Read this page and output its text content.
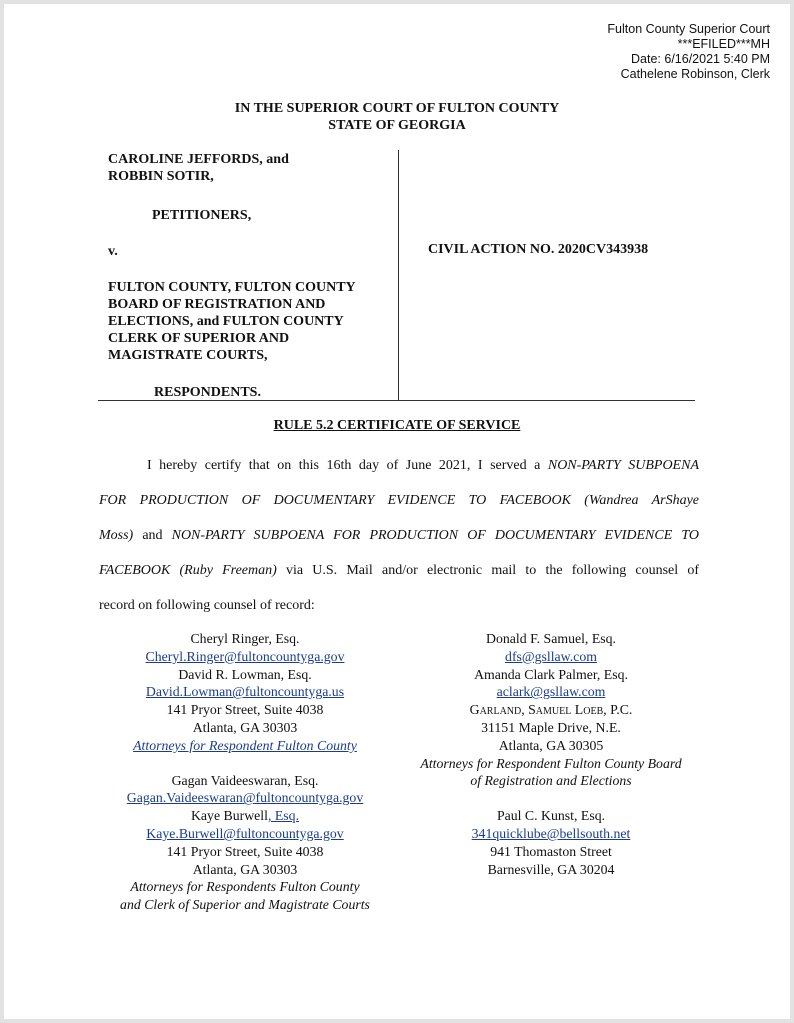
Fulton County Superior Court
***EFILED***MH
Date: 6/16/2021 5:40 PM
Cathelene Robinson, Clerk
IN THE SUPERIOR COURT OF FULTON COUNTY
STATE OF GEORGIA
CAROLINE JEFFORDS, and
ROBBIN SOTIR,
PETITIONERS,
v.
FULTON COUNTY, FULTON COUNTY
BOARD OF REGISTRATION AND
ELECTIONS, and FULTON COUNTY
CLERK OF SUPERIOR AND
MAGISTRATE COURTS,
RESPONDENTS.
CIVIL ACTION NO. 2020CV343938
RULE 5.2 CERTIFICATE OF SERVICE
I hereby certify that on this 16th day of June 2021, I served a NON-PARTY SUBPOENA
FOR PRODUCTION OF DOCUMENTARY EVIDENCE TO FACEBOOK (Wandrea ArShaye
Moss) and NON-PARTY SUBPOENA FOR PRODUCTION OF DOCUMENTARY EVIDENCE TO
FACEBOOK (Ruby Freeman) via U.S. Mail and/or electronic mail to the following counsel of
record on following counsel of record:
Cheryl Ringer, Esq.
Cheryl.Ringer@fultoncountyga.gov
David R. Lowman, Esq.
David.Lowman@fultoncountyga.us
141 Pryor Street, Suite 4038
Atlanta, GA 30303
Attorneys for Respondent Fulton County
Gagan Vaideeswaran, Esq.
Gagan.Vaideeswaran@fultoncountyga.gov
Kaye Burwell, Esq.
Kaye.Burwell@fultoncountyga.gov
141 Pryor Street, Suite 4038
Atlanta, GA 30303
Attorneys for Respondents Fulton County
and Clerk of Superior and Magistrate Courts
Donald F. Samuel, Esq.
dfs@gsllaw.com
Amanda Clark Palmer, Esq.
aclark@gsllaw.com
Garland, Samuel Loeb, P.C.
31151 Maple Drive, N.E.
Atlanta, GA 30305
Attorneys for Respondent Fulton County Board
of Registration and Elections
Paul C. Kunst, Esq.
341quicklube@bellsouth.net
941 Thomaston Street
Barnesville, GA 30204
